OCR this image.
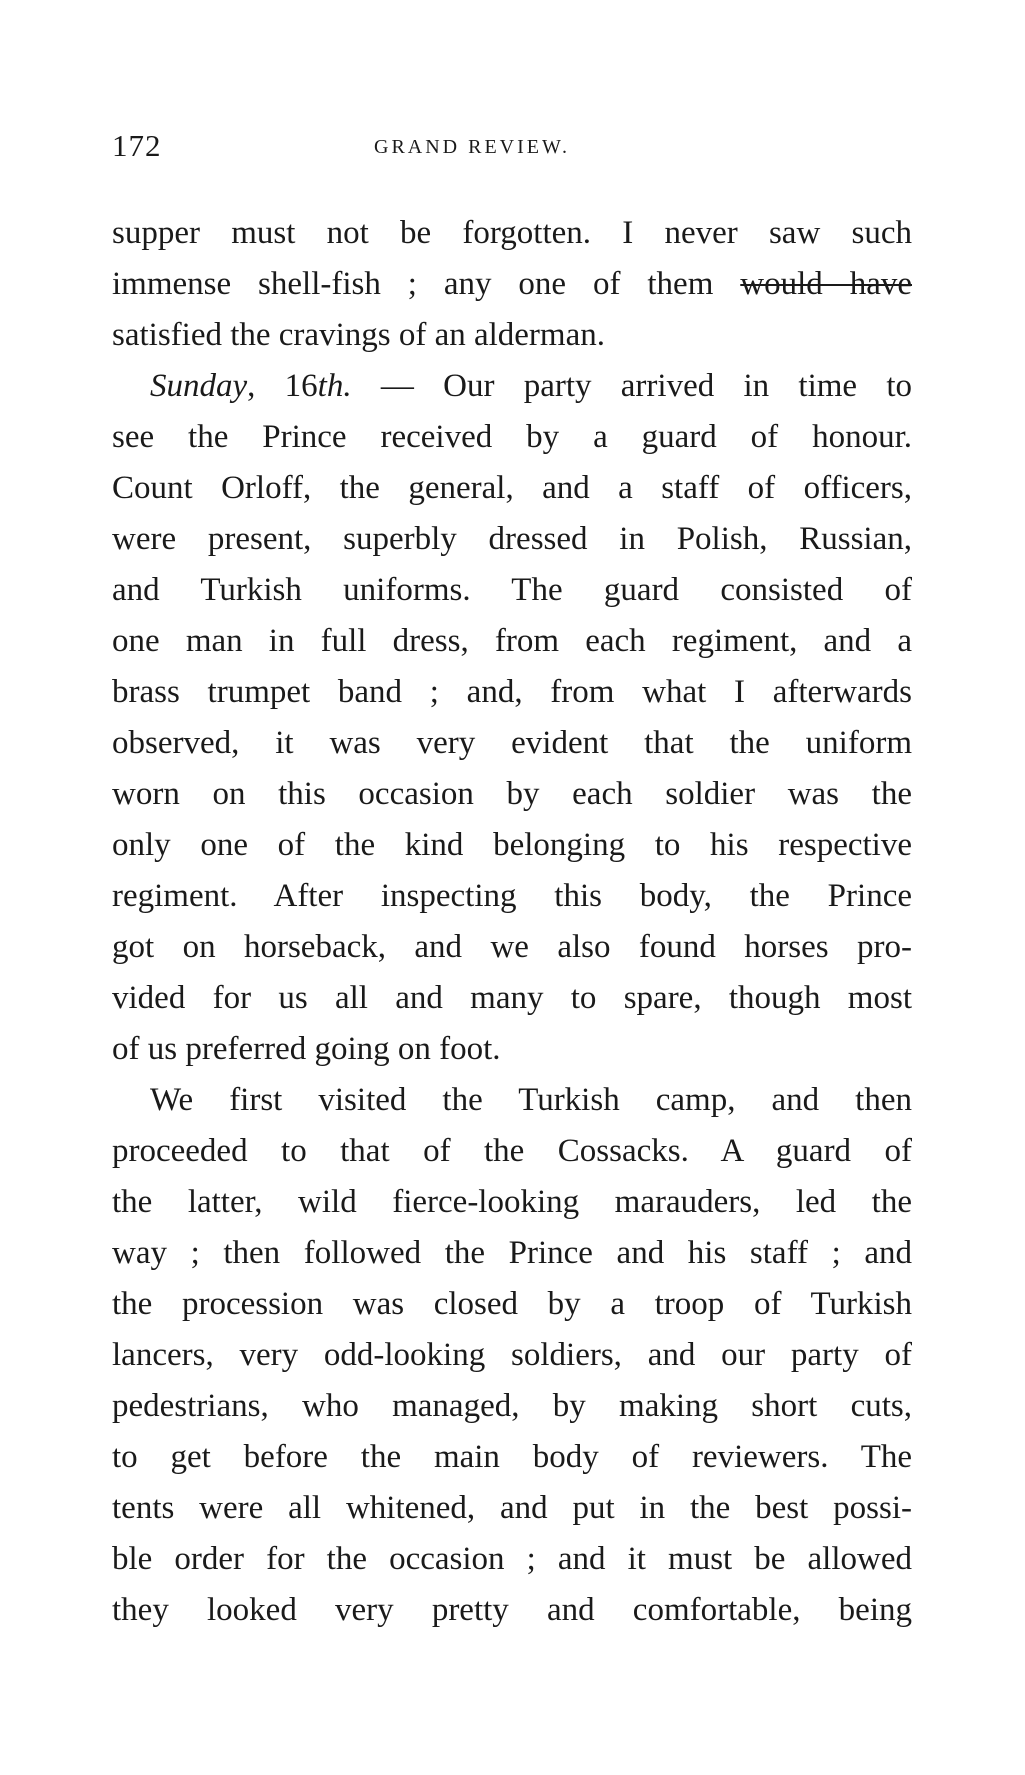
172	GRAND REVIEW.
supper must not be forgotten. I never saw such
immense shell-fish ; any one of them would have
satisfied the cravings of an alderman.
Sunday, 16th. — Our party arrived in time to
see the Prince received by a guard of honour.
Count Orloff, the general, and a staff of officers,
were present, superbly dressed in Polish, Russian,
and Turkish uniforms. The guard consisted of
one man in full dress, from each regiment, and a
brass trumpet band ; and, from what I afterwards
observed, it was very evident that the uniform
worn on this occasion by each soldier was the
only one of the kind belonging to his respective
regiment. After inspecting this body, the Prince
got on horseback, and we also found horses pro-
vided for us all and many to spare, though most
of us preferred going on foot.
We first visited the Turkish camp, and then
proceeded to that of the Cossacks. A guard of
the latter, wild fierce-looking marauders, led the
way ; then followed the Prince and his staff ; and
the procession was closed by a troop of Turkish
lancers, very odd-looking soldiers, and our party of
pedestrians, who managed, by making short cuts,
to get before the main body of reviewers. The
tents were all whitened, and put in the best possi-
ble order for the occasion ; and it must be allowed
they looked very pretty and comfortable, being
